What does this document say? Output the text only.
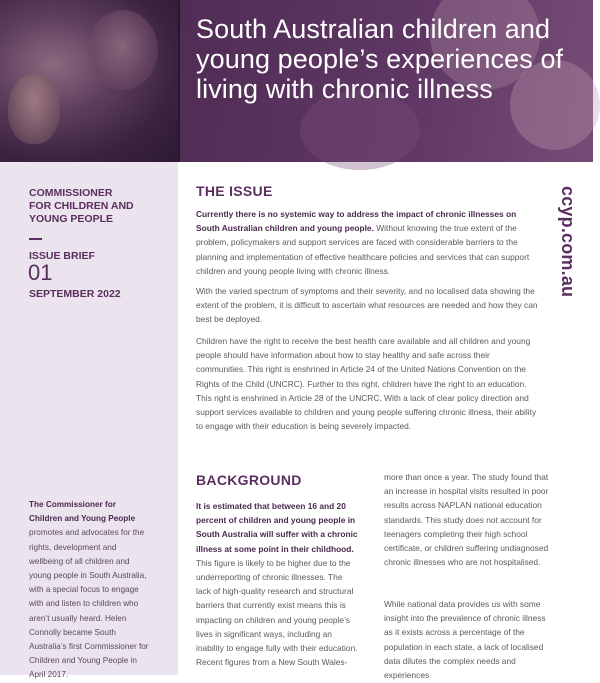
South Australian children and young people’s experiences of living with chronic illness
COMMISSIONER
FOR CHILDREN AND
YOUNG PEOPLE
ISSUE BRIEF
01
SEPTEMBER 2022
The Commissioner for Children and Young People promotes and advocates for the rights, development and wellbeing of all children and young people in South Australia, with a special focus to engage with and listen to children who aren’t usually heard. Helen Connolly became South Australia’s first Commissioner for Children and Young People in April 2017.
ccyp.com.au
THE ISSUE

Currently there is no systemic way to address the impact of chronic illnesses on South Australian children and young people. Without knowing the true extent of the problem, policymakers and support services are faced with considerable barriers to the planning and implementation of effective healthcare policies and services that can support children and young people living with chronic illness.

With the varied spectrum of symptoms and their severity, and no localised data showing the extent of the problem, it is difficult to ascertain what resources are needed and how they can best be deployed.

Children have the right to receive the best health care available and all children and young people should have information about how to stay healthy and safe across their communities. This right is enshrined in Article 24 of the United Nations Convention on the Rights of the Child (UNCRC). Further to this right, children have the right to an education. This right is enshrined in Article 28 of the UNCRC. With a lack of clear policy direction and support services available to children and young people suffering chronic illness, their ability to engage with their education is being severely impacted.

BACKGROUND

It is estimated that between 16 and 20 percent of children and young people in South Australia will suffer with a chronic illness at some point in their childhood. This figure is likely to be higher due to the underreporting of chronic illnesses. The lack of high-quality research and structural barriers that currently exist means this is impacting on children and young people’s lives in significant ways, including an inability to engage fully with their education. Recent figures from a New South Wales-

more than once a year. The study found that an increase in hospital visits resulted in poor results across NAPLAN national education standards. This study does not account for teenagers completing their high school certificate, or children suffering undiagnosed chronic illnesses who are not hospitalised.

While national data provides us with some insight into the prevalence of chronic illness as it exists across a percentage of the population in each state, a lack of localised data dilutes the complex needs and experiences
